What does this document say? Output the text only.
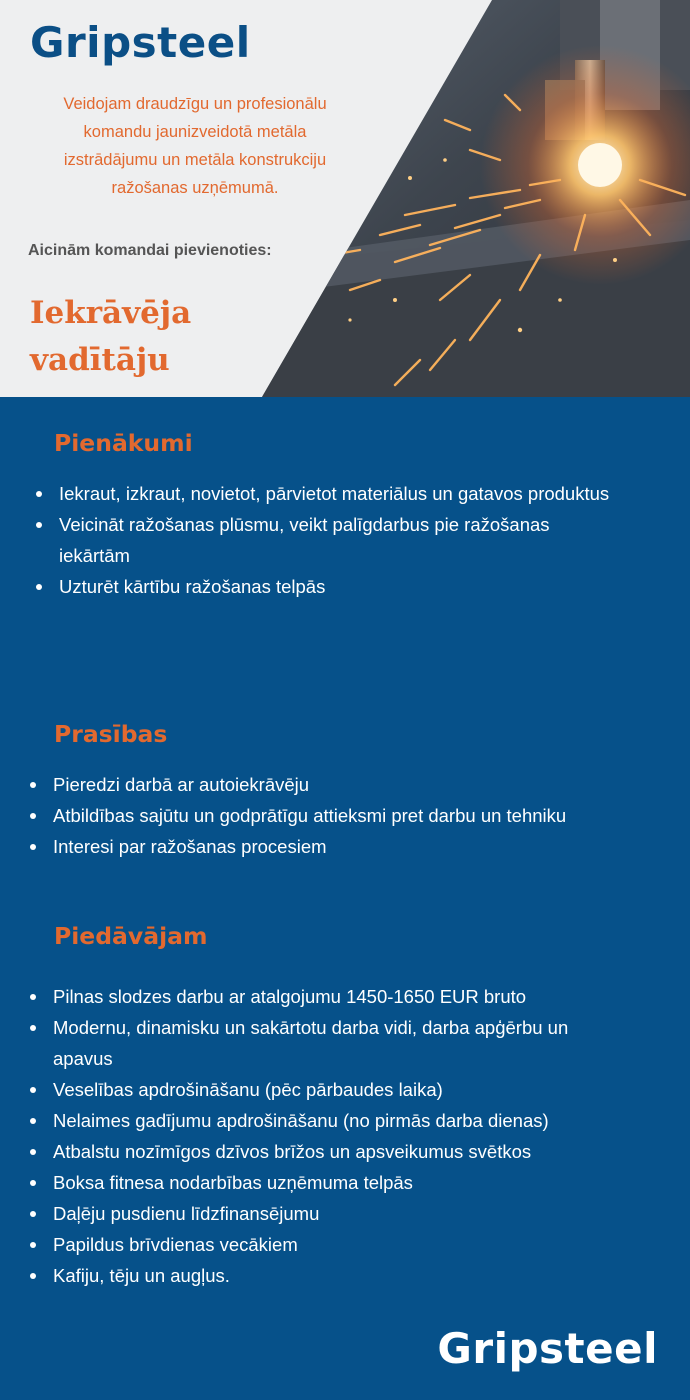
Gripsteel

Veidojam draudzīgu un profesionālu

komandu jaunizveidotā metāla

izstrādājumu un metāla konstrukciju

ražošanas uzņēmumā.

Aicinām komandai pievienoties:
Iekrāvēja
vadītāju
Pienākumi
Iekraut, izkraut, novietot, pārvietot materiālus un gatavos produktus
Veicināt ražošanas plūsmu, veikt palīgdarbus pie ražošanas iekārtām
Uzturēt kārtību ražošanas telpās
Prasības
Pieredzi darbā ar autoiekrāvēju
Atbildības sajūtu un godprātīgu attieksmi pret darbu un tehniku
Interesi par ražošanas procesiem
Piedāvājam
Pilnas slodzes darbu ar atalgojumu 1450-1650 EUR bruto
Modernu, dinamisku un sakārtotu darba vidi, darba apģērbu un apavus
Veselības apdrošināšanu (pēc pārbaudes laika)
Nelaimes gadījumu apdrošināšanu (no pirmās darba dienas)
Atbalstu nozīmīgos dzīvos brīžos un apsveikumus svētkos
Boksa fitnesa nodarbības uzņēmuma telpās
Daļēju pusdienu līdzfinansējumu
Papildus brīvdienas vecākiem
Kafiju, tēju un augļus.
Gripsteel
